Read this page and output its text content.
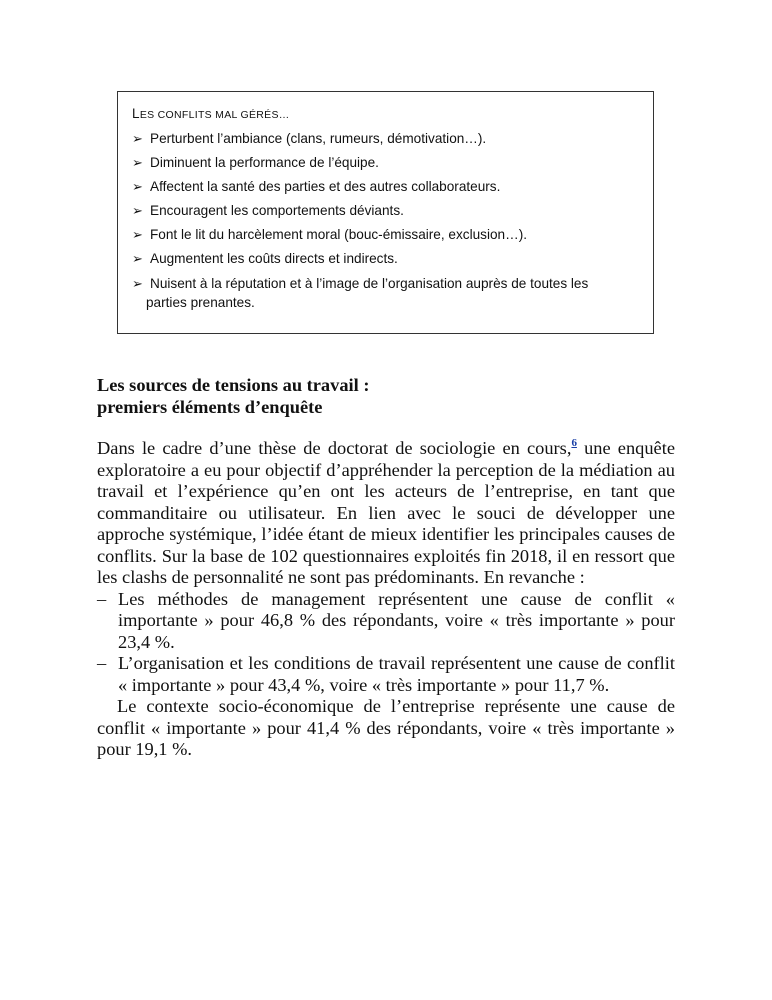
LES CONFLITS MAL GÉRÉS…
➢ Perturbent l’ambiance (clans, rumeurs, démotivation…).
➢ Diminuent la performance de l’équipe.
➢ Affectent la santé des parties et des autres collaborateurs.
➢ Encouragent les comportements déviants.
➢ Font le lit du harcèlement moral (bouc-émissaire, exclusion…).
➢ Augmentent les coûts directs et indirects.
➢ Nuisent à la réputation et à l’image de l’organisation auprès de toutes les
parties prenantes.
Les sources de tensions au travail :
premiers éléments d’enquête

Dans le cadre d’une thèse de doctorat de sociologie en cours,$^6$ une enquête exploratoire a eu pour objectif d’appréhender la perception de la médiation au travail et l’expérience qu’en ont les acteurs de l’entreprise, en tant que commanditaire ou utilisateur. En lien avec le souci de développer une approche systémique, l’idée étant de mieux identifier les principales causes de conflits. Sur la base de 102 questionnaires exploités fin 2018, il en ressort que les clashs de personnalité ne sont pas prédominants. En revanche :

– Les méthodes de management représentent une cause de conflit « importante » pour 46,8 % des répondants, voire « très importante » pour 23,4 %.
– L’organisation et les conditions de travail représentent une cause de conflit « importante » pour 43,4 %, voire « très importante » pour 11,7 %.

Le contexte socio-économique de l’entreprise représente une cause de conflit « importante » pour 41,4 % des répondants, voire « très importante » pour 19,1 %.
